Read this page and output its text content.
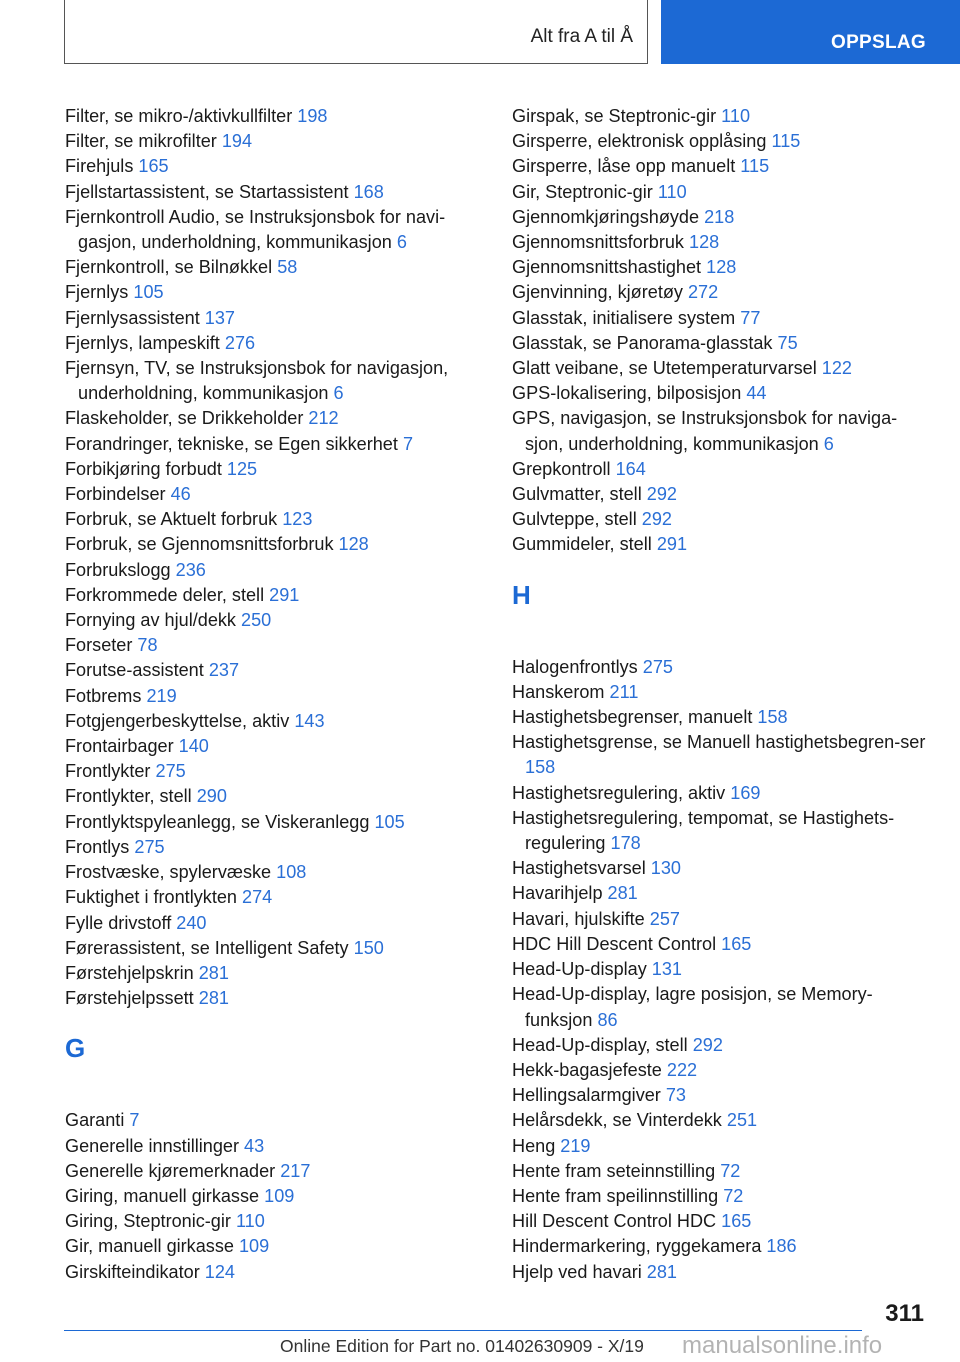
Alt fra A til Å	OPPSLAG
Filter, se mikro-/aktivkullfilter 198
Filter, se mikrofilter 194
Firehjuls 165
Fjellstartassistent, se Startassistent 168
Fjernkontroll Audio, se Instruksjonsbok for navi-gasjon, underholdning, kommunikasjon 6
Fjernkontroll, se Bilnøkkel 58
Fjernlys 105
Fjernlysassistent 137
Fjernlys, lampeskift 276
Fjernsyn, TV, se Instruksjonsbok for navigasjon, underholdning, kommunikasjon 6
Flaskeholder, se Drikkeholder 212
Forandringer, tekniske, se Egen sikkerhet 7
Forbikjøring forbudt 125
Forbindelser 46
Forbruk, se Aktuelt forbruk 123
Forbruk, se Gjennomsnittsforbruk 128
Forbrukslogg 236
Forkrommede deler, stell 291
Fornying av hjul/dekk 250
Forseter 78
Forutse-assistent 237
Fotbrems 219
Fotgjengerbeskyttelse, aktiv 143
Frontairbager 140
Frontlykter 275
Frontlykter, stell 290
Frontlyktspyleanlegg, se Viskeranlegg 105
Frontlys 275
Frostvæske, spylervæske 108
Fuktighet i frontlykten 274
Fylle drivstoff 240
Førerassistent, se Intelligent Safety 150
Førstehjelpskrin 281
Førstehjelpssett 281
G
Garanti 7
Generelle innstillinger 43
Generelle kjøremerknader 217
Giring, manuell girkasse 109
Giring, Steptronic-gir 110
Gir, manuell girkasse 109
Girskifteindikator 124
Girspak, se Steptronic-gir 110
Girsperre, elektronisk opplåsing 115
Girsperre, låse opp manuelt 115
Gir, Steptronic-gir 110
Gjennomkjøringshøyde 218
Gjennomsnittsforbruk 128
Gjennomsnittshastighet 128
Gjenvinning, kjøretøy 272
Glasstak, initialisere system 77
Glasstak, se Panorama-glasstak 75
Glatt veibane, se Utetemperaturvarsel 122
GPS-lokalisering, bilposisjon 44
GPS, navigasjon, se Instruksjonsbok for naviga-sjon, underholdning, kommunikasjon 6
Grepkontroll 164
Gulvmatter, stell 292
Gulvteppe, stell 292
Gummideler, stell 291
H
Halogenfrontlys 275
Hanskerom 211
Hastighetsbegrenser, manuelt 158
Hastighetsgrense, se Manuell hastighetsbegren-ser 158
Hastighetsregulering, aktiv 169
Hastighetsregulering, tempomat, se Hastighets-regulering 178
Hastighetsvarsel 130
Havarihjelp 281
Havari, hjulskifte 257
HDC Hill Descent Control 165
Head-Up-display 131
Head-Up-display, lagre posisjon, se Memory-funksjon 86
Head-Up-display, stell 292
Hekk-bagasjefeste 222
Hellingsalarmgiver 73
Helårsdekk, se Vinterdekk 251
Heng 219
Hente fram seteinnstilling 72
Hente fram speilinnstilling 72
Hill Descent Control HDC 165
Hindermarkering, ryggekamera 186
Hjelp ved havari 281
311
Online Edition for Part no. 01402630909 - X/19 manualsonline.info
